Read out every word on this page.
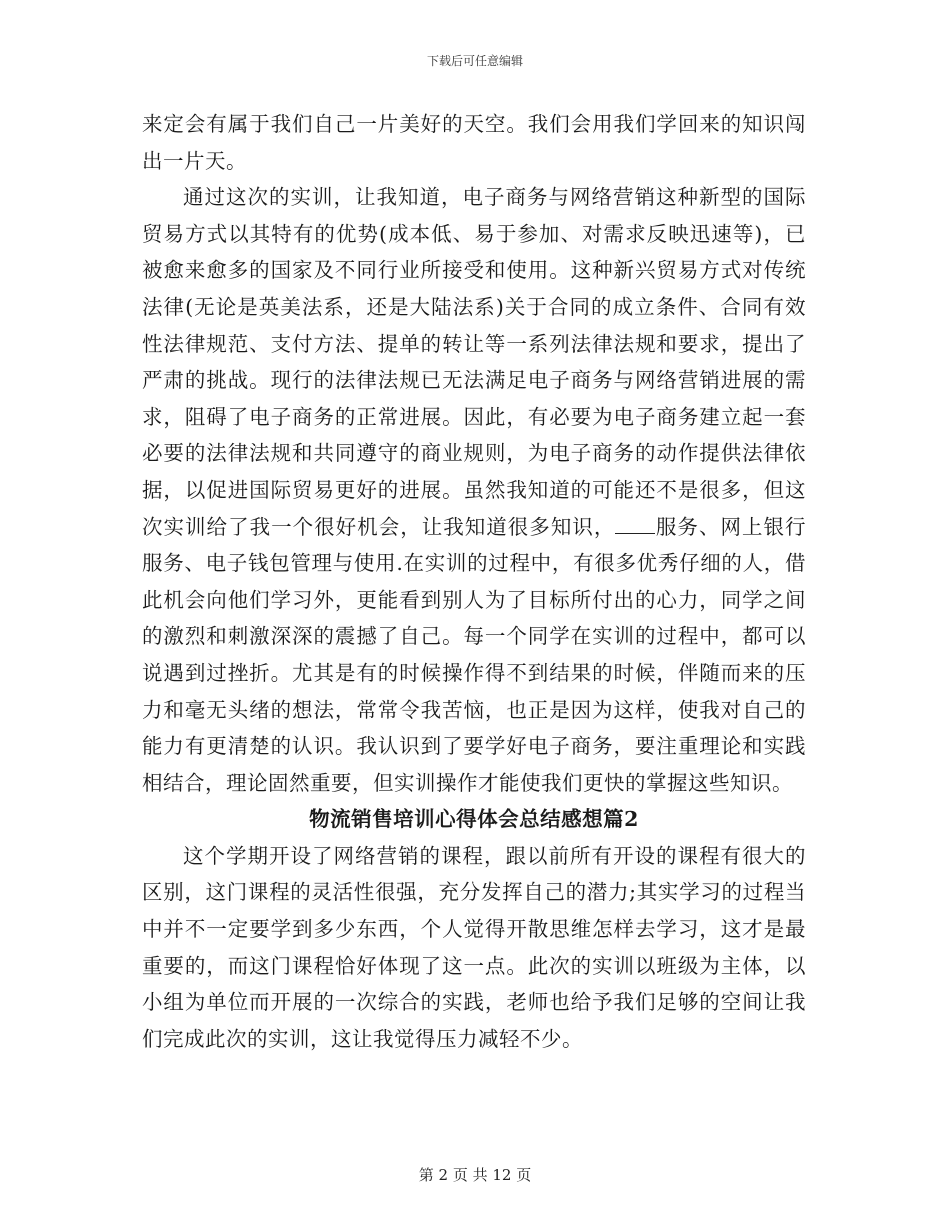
下载后可任意编辑

来定会有属于我们自己一片美好的天空。我们会用我们学回来的知识闯出一片天。

通过这次的实训，让我知道，电子商务与网络营销这种新型的国际贸易方式以其特有的优势(成本低、易于参加、对需求反映迅速等)，已被愈来愈多的国家及不同行业所接受和使用。这种新兴贸易方式对传统法律(无论是英美法系，还是大陆法系)关于合同的成立条件、合同有效性法律规范、支付方法、提单的转让等一系列法律法规和要求，提出了严肃的挑战。现行的法律法规已无法满足电子商务与网络营销进展的需求，阻碍了电子商务的正常进展。因此，有必要为电子商务建立起一套必要的法律法规和共同遵守的商业规则，为电子商务的动作提供法律依据，以促进国际贸易更好的进展。虽然我知道的可能还不是很多，但这次实训给了我一个很好机会，让我知道很多知识， 服务、网上银行服务、电子钱包管理与使用.在实训的过程中，有很多优秀仔细的人，借此机会向他们学习外，更能看到别人为了目标所付出的心力，同学之间的激烈和刺激深深的震撼了自己。每一个同学在实训的过程中，都可以说遇到过挫折。尤其是有的时候操作得不到结果的时候，伴随而来的压力和毫无头绪的想法，常常令我苦恼，也正是因为这样，使我对自己的能力有更清楚的认识。我认识到了要学好电子商务，要注重理论和实践相结合，理论固然重要，但实训操作才能使我们更快的掌握这些知识。

物流销售培训心得体会总结感想篇2

这个学期开设了网络营销的课程，跟以前所有开设的课程有很大的区别，这门课程的灵活性很强，充分发挥自己的潜力;其实学习的过程当中并不一定要学到多少东西，个人觉得开散思维怎样去学习，这才是最重要的，而这门课程恰好体现了这一点。此次的实训以班级为主体，以小组为单位而开展的一次综合的实践，老师也给予我们足够的空间让我们完成此次的实训，这让我觉得压力减轻不少。

第 2 页 共 12 页
